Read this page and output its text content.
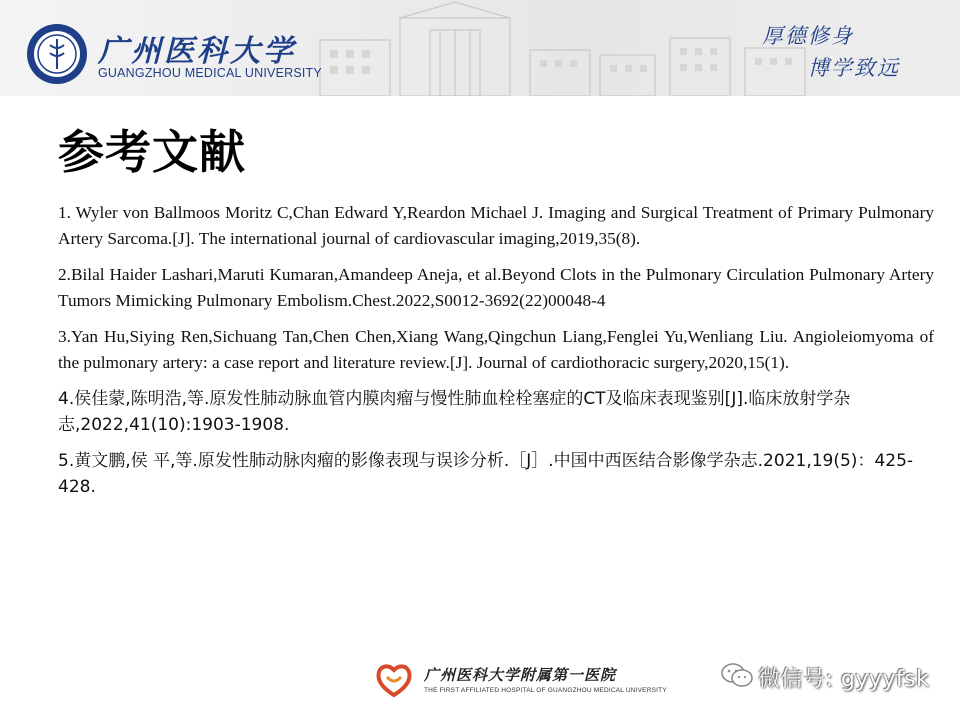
广州医科大学
GUANGZHOU MEDICAL UNIVERSITY
厚德修身
博学致远
参考文献

1. Wyler von Ballmoos Moritz C,Chan Edward Y,Reardon Michael J. Imaging and Surgical Treatment of Primary Pulmonary Artery Sarcoma.[J]. The international journal of cardiovascular imaging,2019,35(8).

2.Bilal Haider Lashari,Maruti Kumaran,Amandeep Aneja, et al.Beyond Clots in the Pulmonary Circulation Pulmonary Artery Tumors Mimicking Pulmonary Embolism.Chest.2022,S0012-3692(22)00048-4

3.Yan Hu,Siying Ren,Sichuang Tan,Chen Chen,Xiang Wang,Qingchun Liang,Fenglei Yu,Wenliang Liu. Angioleiomyoma of the pulmonary artery: a case report and literature review.[J]. Journal of cardiothoracic surgery,2020,15(1).

4.侯佳蒙,陈明浩,等.原发性肺动脉血管内膜肉瘤与慢性肺血栓栓塞症的CT及临床表现鉴别[J].临床放射学杂志,2022,41(10):1903-1908.

5.黄文鹏,侯 平,等.原发性肺动脉肉瘤的影像表现与误诊分析.［J］.中国中西医结合影像学杂志.2021,19(5)：425-428.

广州医科大学附属第一医院
THE FIRST AFFILIATED HOSPITAL OF GUANGZHOU MEDICAL UNIVERSITY	微信号: gyyyfsk
